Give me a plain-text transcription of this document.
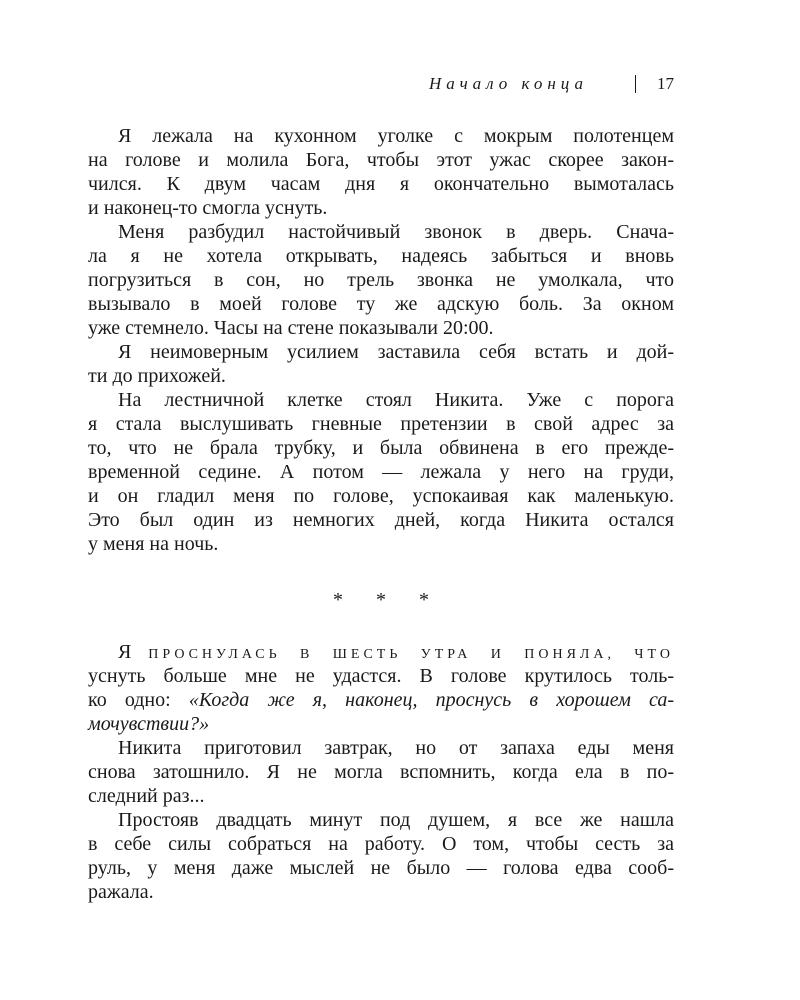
Начало конца	17
Я лежала на кухонном уголке с мокрым полотенцем
на голове и молила Бога, чтобы этот ужас скорее закон-
чился. К двум часам дня я окончательно вымоталась
и наконец-то смогла уснуть.
Меня разбудил настойчивый звонок в дверь. Снача-
ла я не хотела открывать, надеясь забыться и вновь
погрузиться в сон, но трель звонка не умолкала, что
вызывало в моей голове ту же адскую боль. За окном
уже стемнело. Часы на стене показывали 20:00.
Я неимоверным усилием заставила себя встать и дой-
ти до прихожей.
На лестничной клетке стоял Никита. Уже с порога
я стала выслушивать гневные претензии в свой адрес за
то, что не брала трубку, и была обвинена в его прежде-
временной седине. А потом — лежала у него на груди,
и он гладил меня по голове, успокаивая как маленькую.
Это был один из немногих дней, когда Никита остался
у меня на ночь.
* * *
Я ПРОСНУЛАСЬ В ШЕСТЬ УТРА И ПОНЯЛА, ЧТО
уснуть больше мне не удастся. В голове крутилось толь-
ко одно: «Когда же я, наконец, проснусь в хорошем са-
мочувствии?»
Никита приготовил завтрак, но от запаха еды меня
снова затошнило. Я не могла вспомнить, когда ела в по-
следний раз...
Простояв двадцать минут под душем, я все же нашла
в себе силы собраться на работу. О том, чтобы сесть за
руль, у меня даже мыслей не было — голова едва сооб-
ражала.
